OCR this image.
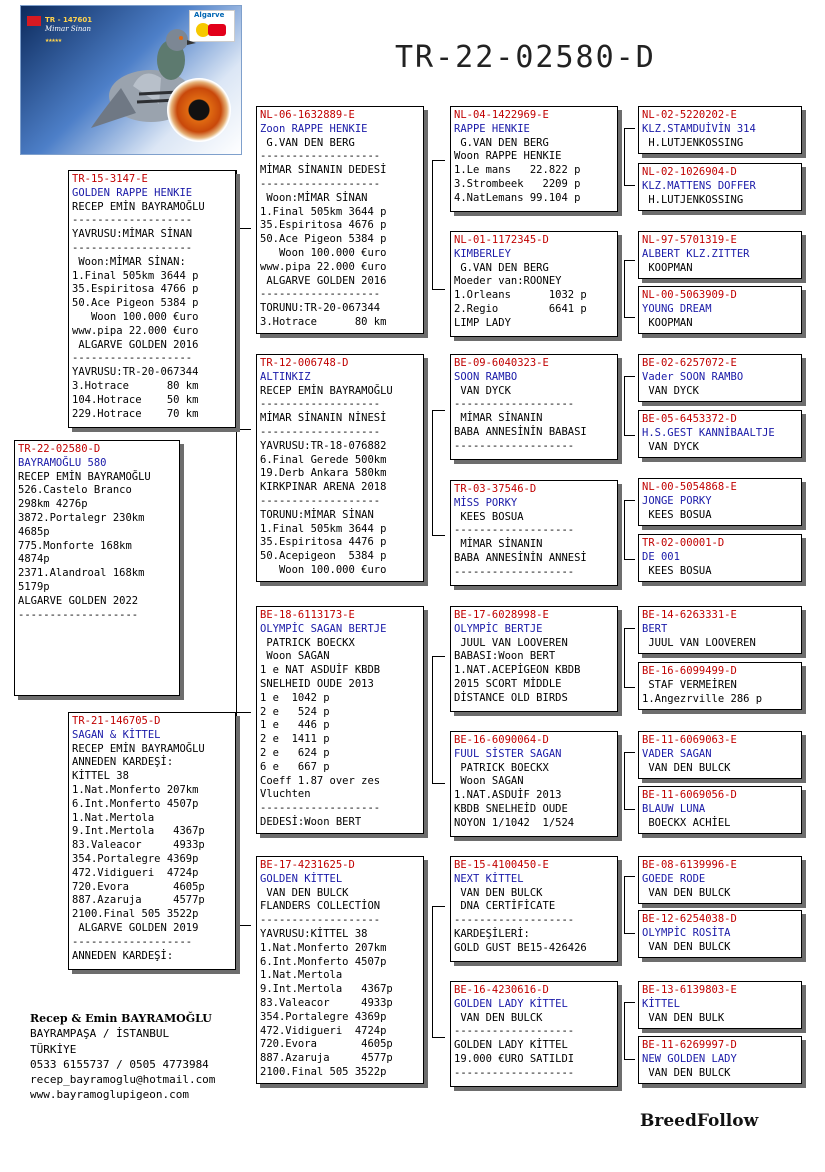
TR - 147601
Mimar Sinan
★★★★★
Algarve
TR-22-02580-D
TR-22-02580-D
BAYRAMOĞLU 580
RECEP EMİN BAYRAMOĞLU
526.Castelo Branco
298km 4276p
3872.Portalegr 230km
4685p
775.Monforte 168km
4874p
2371.Alandroal 168km
5179p
ALGARVE GOLDEN 2022
-------------------
TR-15-3147-E
GOLDEN RAPPE HENKIE
RECEP EMİN BAYRAMOĞLU
-------------------
YAVRUSU:MİMAR SİNAN
-------------------
Woon:MİMAR SİNAN:
1.Final 505km 3644 p
35.Espiritosa 4766 p
50.Ace Pigeon 5384 p
Woon 100.000 €uro
www.pipa 22.000 €uro
ALGARVE GOLDEN 2016
-------------------
YAVRUSU:TR-20-067344
3.Hotrace      80 km
104.Hotrace    50 km
229.Hotrace    70 km
TR-21-146705-D
SAGAN & KİTTEL
RECEP EMİN BAYRAMOĞLU
ANNEDEN KARDEŞİ:
KİTTEL 38
1.Nat.Monferto 207km
6.Int.Monferto 4507p
1.Nat.Mertola
9.Int.Mertola   4367p
83.Valeacor     4933p
354.Portalegre 4369p
472.Vidigueri  4724p
720.Evora       4605p
887.Azaruja     4577p
2100.Final 505 3522p
ALGARVE GOLDEN 2019
-------------------
ANNEDEN KARDEŞİ:
NL-06-1632889-E
Zoon RAPPE HENKIE
G.VAN DEN BERG
-------------------
MİMAR SİNANIN DEDESİ
-------------------
Woon:MİMAR SİNAN
1.Final 505km 3644 p
35.Espiritosa 4676 p
50.Ace Pigeon 5384 p
Woon 100.000 €uro
www.pipa 22.000 €uro
ALGARVE GOLDEN 2016
-------------------
TORUNU:TR-20-067344
3.Hotrace      80 km
TR-12-006748-D
ALTINKIZ
RECEP EMİN BAYRAMOĞLU
-------------------
MİMAR SİNANIN NİNESİ
-------------------
YAVRUSU:TR-18-076882
6.Final Gerede 500km
19.Derb Ankara 580km
KIRKPINAR ARENA 2018
-------------------
TORUNU:MİMAR SİNAN
1.Final 505km 3644 p
35.Espiritosa 4476 p
50.Acepigeon  5384 p
Woon 100.000 €uro
BE-18-6113173-E
OLYMPİC SAGAN BERTJE
PATRICK BOECKX
Woon SAGAN
1 e NAT ASDUİF KBDB
SNELHEID OUDE 2013
1 e  1042 p
2 e   524 p
1 e   446 p
2 e  1411 p
2 e   624 p
6 e   667 p
Coeff 1.87 over zes
Vluchten
-------------------
DEDESİ:Woon BERT
BE-17-4231625-D
GOLDEN KİTTEL
VAN DEN BULCK
FLANDERS COLLECTİON
-------------------
YAVRUSU:KİTTEL 38
1.Nat.Monferto 207km
6.Int.Monferto 4507p
1.Nat.Mertola
9.Int.Mertola   4367p
83.Valeacor     4933p
354.Portalegre 4369p
472.Vidigueri  4724p
720.Evora       4605p
887.Azaruja     4577p
2100.Final 505 3522p
NL-04-1422969-E
RAPPE HENKIE
G.VAN DEN BERG
Woon RAPPE HENKIE
1.Le mans   22.822 p
3.Strombeek   2209 p
4.NatLemans 99.104 p
NL-01-1172345-D
KIMBERLEY
G.VAN DEN BERG
Moeder van:ROONEY
1.Orleans      1032 p
2.Regio        6641 p
LIMP LADY
BE-09-6040323-E
SOON RAMBO
VAN DYCK
-------------------
MİMAR SİNANIN
BABA ANNESİNİN BABASI
-------------------
TR-03-37546-D
MİSS PORKY
KEES BOSUA
-------------------
MİMAR SİNANIN
BABA ANNESİNİN ANNESİ
-------------------
BE-17-6028998-E
OLYMPİC BERTJE
JUUL VAN LOOVEREN
BABASI:Woon BERT
1.NAT.ACEPİGEON KBDB
2015 SCORT MİDDLE
DİSTANCE OLD BIRDS
BE-16-6090064-D
FUUL SİSTER SAGAN
PATRICK BOECKX
Woon SAGAN
1.NAT.ASDUİF 2013
KBDB SNELHEİD OUDE
NOYON 1/1042  1/524
BE-15-4100450-E
NEXT KİTTEL
VAN DEN BULCK
DNA CERTİFİCATE
-------------------
KARDEŞİLERİ:
GOLD GUST BE15-426426
BE-16-4230616-D
GOLDEN LADY KİTTEL
VAN DEN BULCK
-------------------
GOLDEN LADY KİTTEL
19.000 €URO SATILDI
-------------------
NL-02-5220202-E
KLZ.STAMDUİVİN 314
H.LUTJENKOSSING
NL-02-1026904-D
KLZ.MATTENS DOFFER
H.LUTJENKOSSING
NL-97-5701319-E
ALBERT KLZ.ZITTER
KOOPMAN
NL-00-5063909-D
YOUNG DREAM
KOOPMAN
BE-02-6257072-E
Vader SOON RAMBO
VAN DYCK
BE-05-6453372-D
H.S.GEST KANNİBAALTJE
VAN DYCK
NL-00-5054868-E
JONGE PORKY
KEES BOSUA
TR-02-00001-D
DE 001
KEES BOSUA
BE-14-6263331-E
BERT
JUUL VAN LOOVEREN
BE-16-6099499-D
STAF VERMEİREN
1.Angezrville 286 p
BE-11-6069063-E
VADER SAGAN
VAN DEN BULCK
BE-11-6069056-D
BLAUW LUNA
BOECKX ACHİEL
BE-08-6139996-E
GOEDE RODE
VAN DEN BULCK
BE-12-6254038-D
OLYMPİC ROSİTA
VAN DEN BULCK
BE-13-6139803-E
KİTTEL
VAN DEN BULK
BE-11-6269997-D
NEW GOLDEN LADY
VAN DEN BULCK
Recep & Emin BAYRAMOĞLU
BAYRAMPAŞA / İSTANBUL
TÜRKİYE
0533 6155737 / 0505 4773984
recep_bayramoglu@hotmail.com
www.bayramoglupigeon.com
BreedFollow
